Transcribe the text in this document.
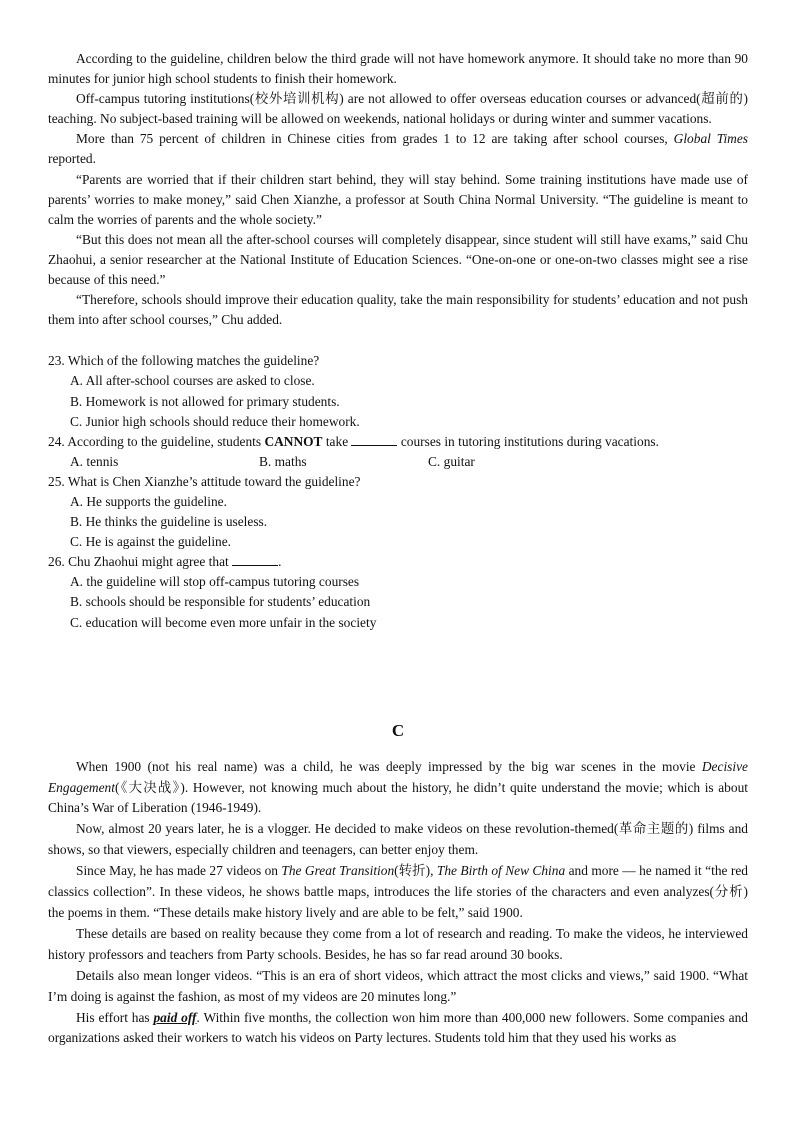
According to the guideline, children below the third grade will not have homework anymore. It should take no more than 90 minutes for junior high school students to finish their homework.

Off-campus tutoring institutions(校外培训机构) are not allowed to offer overseas education courses or advanced(超前的) teaching. No subject-based training will be allowed on weekends, national holidays or during winter and summer vacations.

More than 75 percent of children in Chinese cities from grades 1 to 12 are taking after school courses, Global Times reported.

“Parents are worried that if their children start behind, they will stay behind. Some training institutions have made use of parents’ worries to make money,” said Chen Xianzhe, a professor at South China Normal University. “The guideline is meant to calm the worries of parents and the whole society.”

“But this does not mean all the after-school courses will completely disappear, since student will still have exams,” said Chu Zhaohui, a senior researcher at the National Institute of Education Sciences. “One-on-one or one-on-two classes might see a rise because of this need.”

“Therefore, schools should improve their education quality, take the main responsibility for students’ education and not push them into after school courses,” Chu added.

23. Which of the following matches the guideline?

A. All after-school courses are asked to close.

B. Homework is not allowed for primary students.

C. Junior high schools should reduce their homework.

24. According to the guideline, students CANNOT take	courses in tutoring institutions during vacations.

A. tennis	B. maths	C. guitar

25. What is Chen Xianzhe’s attitude toward the guideline?

A. He supports the guideline.

B. He thinks the guideline is useless.

C. He is against the guideline.

26. Chu Zhaohui might agree that	.

A. the guideline will stop off-campus tutoring courses

B. schools should be responsible for students’ education

C. education will become even more unfair in the society

C

When 1900 (not his real name) was a child, he was deeply impressed by the big war scenes in the movie Decisive Engagement(《大决战》). However, not knowing much about the history, he didn’t quite understand the movie; which is about China’s War of Liberation (1946-1949).

Now, almost 20 years later, he is a vlogger. He decided to make videos on these revolution-themed(革命主题的) films and shows, so that viewers, especially children and teenagers, can better enjoy them.

Since May, he has made 27 videos on The Great Transition(转折), The Birth of New China and more — he named it “the red classics collection”. In these videos, he shows battle maps, introduces the life stories of the characters and even analyzes(分析) the poems in them. “These details make history lively and are able to be felt,” said 1900.

These details are based on reality because they come from a lot of research and reading. To make the videos, he interviewed history professors and teachers from Party schools. Besides, he has so far read around 30 books.

Details also mean longer videos. “This is an era of short videos, which attract the most clicks and views,” said 1900. “What I’m doing is against the fashion, as most of my videos are 20 minutes long.”

His effort has paid off. Within five months, the collection won him more than 400,000 new followers. Some companies and organizations asked their workers to watch his videos on Party lectures. Students told him that they used his works as
